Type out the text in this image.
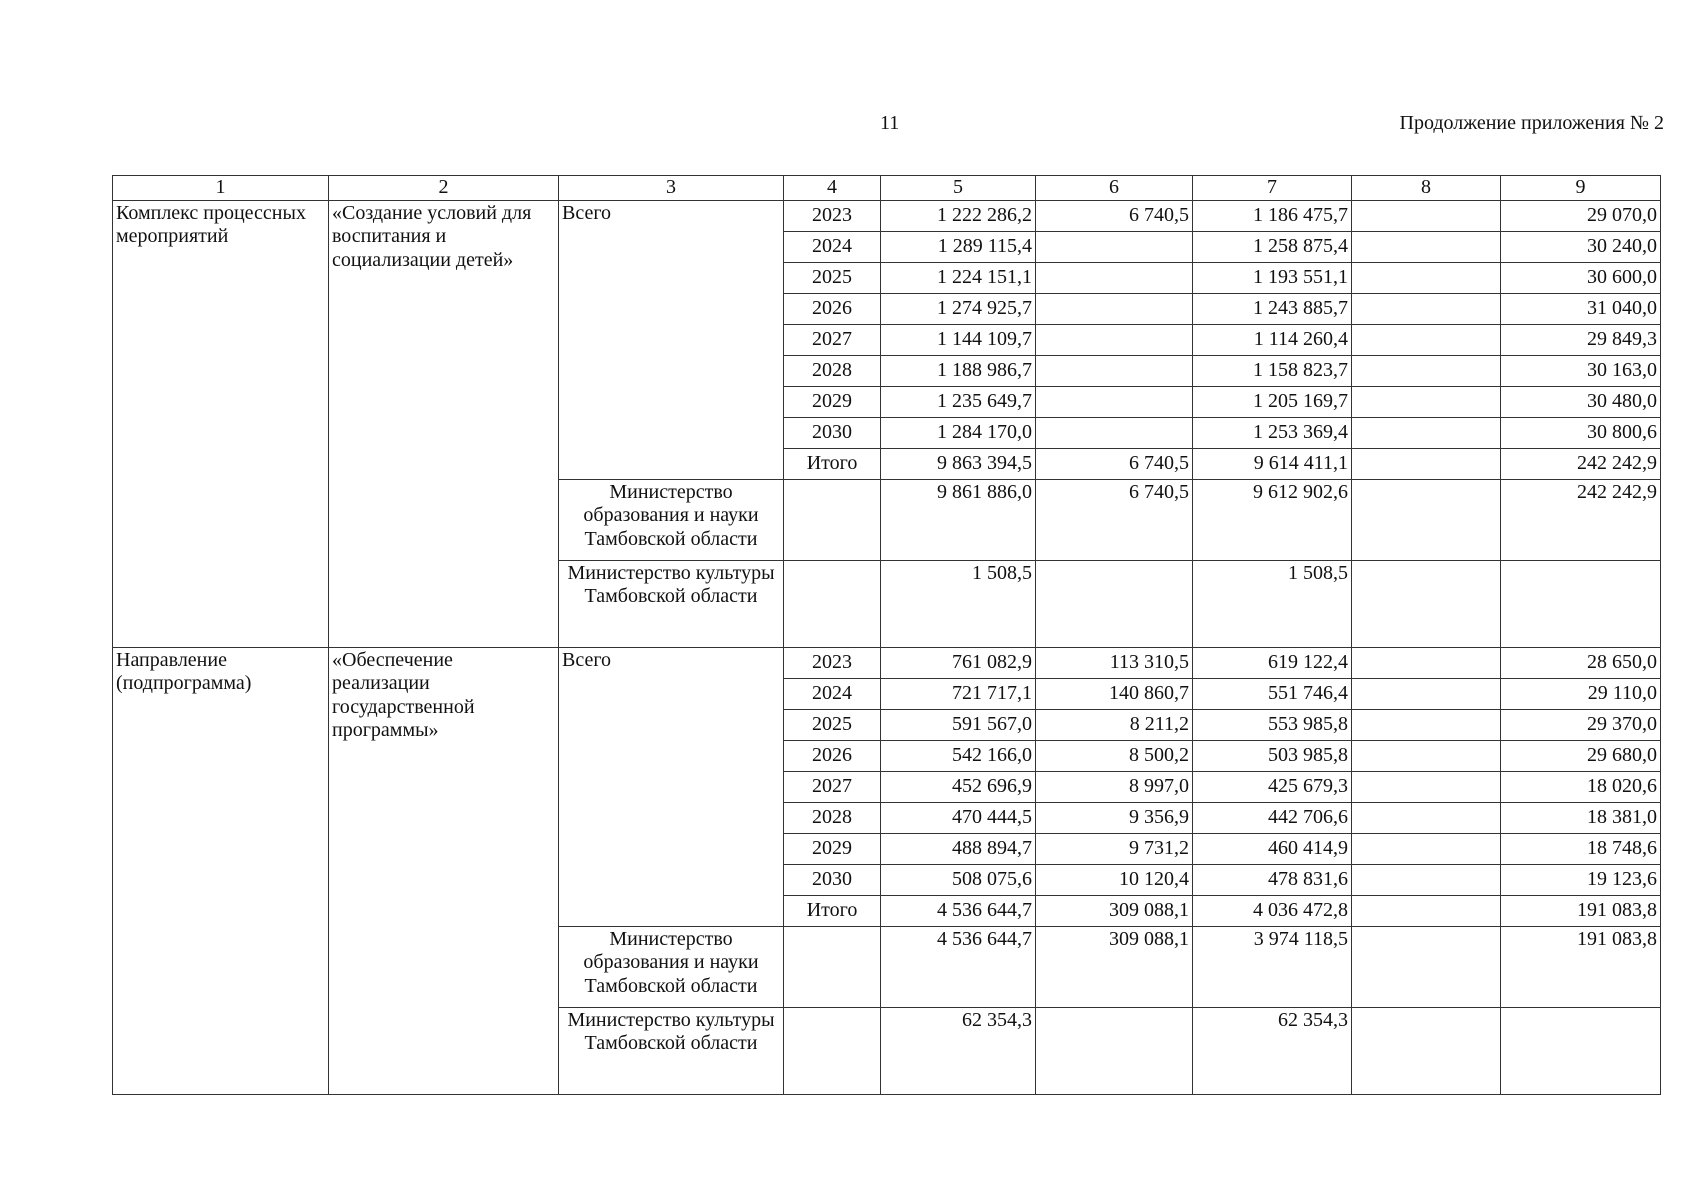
11	Продолжение приложения № 2
1	2	3	4	5	6	7	8	9
Комплекс процессных мероприятий	«Создание условий для воспитания и социализации детей»	Всего	2023	1 222 286,2	6 740,5	1 186 475,7		29 070,0
			2024	1 289 115,4		1 258 875,4		30 240,0
			2025	1 224 151,1		1 193 551,1		30 600,0
			2026	1 274 925,7		1 243 885,7		31 040,0
			2027	1 144 109,7		1 114 260,4		29 849,3
			2028	1 188 986,7		1 158 823,7		30 163,0
			2029	1 235 649,7		1 205 169,7		30 480,0
			2030	1 284 170,0		1 253 369,4		30 800,6
			Итого	9 863 394,5	6 740,5	9 614 411,1		242 242,9
		Министерство образования и науки Тамбовской области		9 861 886,0	6 740,5	9 612 902,6		242 242,9
		Министерство культуры Тамбовской области		1 508,5		1 508,5		
Направление (подпрограмма)	«Обеспечение реализации государственной программы»	Всего	2023	761 082,9	113 310,5	619 122,4		28 650,0
			2024	721 717,1	140 860,7	551 746,4		29 110,0
			2025	591 567,0	8 211,2	553 985,8		29 370,0
			2026	542 166,0	8 500,2	503 985,8		29 680,0
			2027	452 696,9	8 997,0	425 679,3		18 020,6
			2028	470 444,5	9 356,9	442 706,6		18 381,0
			2029	488 894,7	9 731,2	460 414,9		18 748,6
			2030	508 075,6	10 120,4	478 831,6		19 123,6
			Итого	4 536 644,7	309 088,1	4 036 472,8		191 083,8
		Министерство образования и науки Тамбовской области		4 536 644,7	309 088,1	3 974 118,5		191 083,8
		Министерство культуры Тамбовской области		62 354,3		62 354,3		
